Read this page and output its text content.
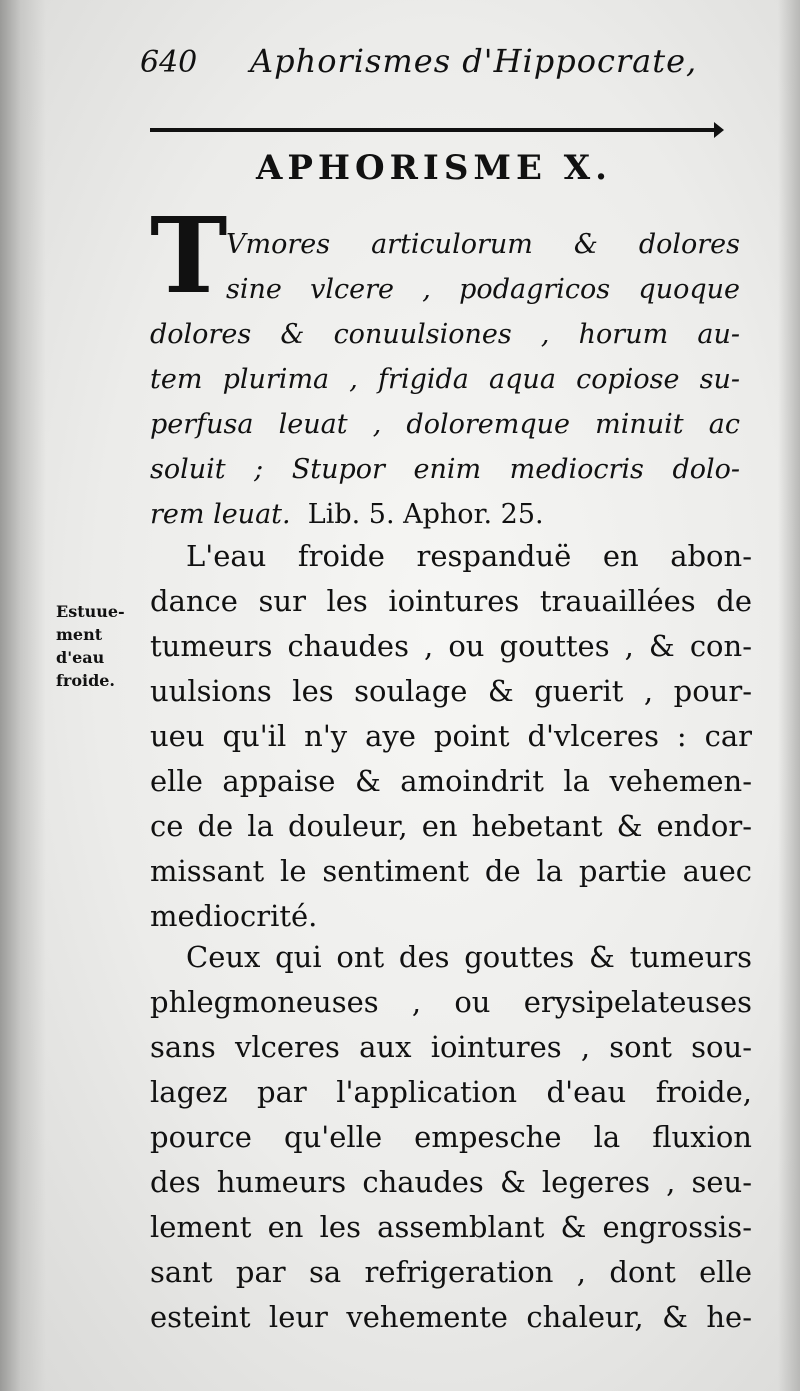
640	Aphorismes d'Hippocrate,
APHORISME X.
T
Vmores articulorum & dolores
sine vlcere , podagricos quoque
dolores & conuulsiones , horum au-
tem plurima , frigida aqua copiose su-
perfusa leuat , doloremque minuit ac
soluit ; Stupor enim mediocris dolo-
rem leuat. Lib. 5. Aphor. 25.
Estuue-
ment
d'eau
froide.
L'eau froide respanduë en abon-
dance sur les iointures trauaillées de
tumeurs chaudes , ou gouttes , & con-
uulsions les soulage & guerit , pour-
ueu qu'il n'y aye point d'vlceres : car
elle appaise & amoindrit la vehemen-
ce de la douleur, en hebetant & endor-
missant le sentiment de la partie auec
mediocrité.
Ceux qui ont des gouttes & tumeurs
phlegmoneuses , ou erysipelateuses
sans vlceres aux iointures , sont sou-
lagez par l'application d'eau froide,
pource qu'elle empesche la fluxion
des humeurs chaudes & legeres , seu-
lement en les assemblant & engrossis-
sant par sa refrigeration , dont elle
esteint leur vehemente chaleur, & he-
